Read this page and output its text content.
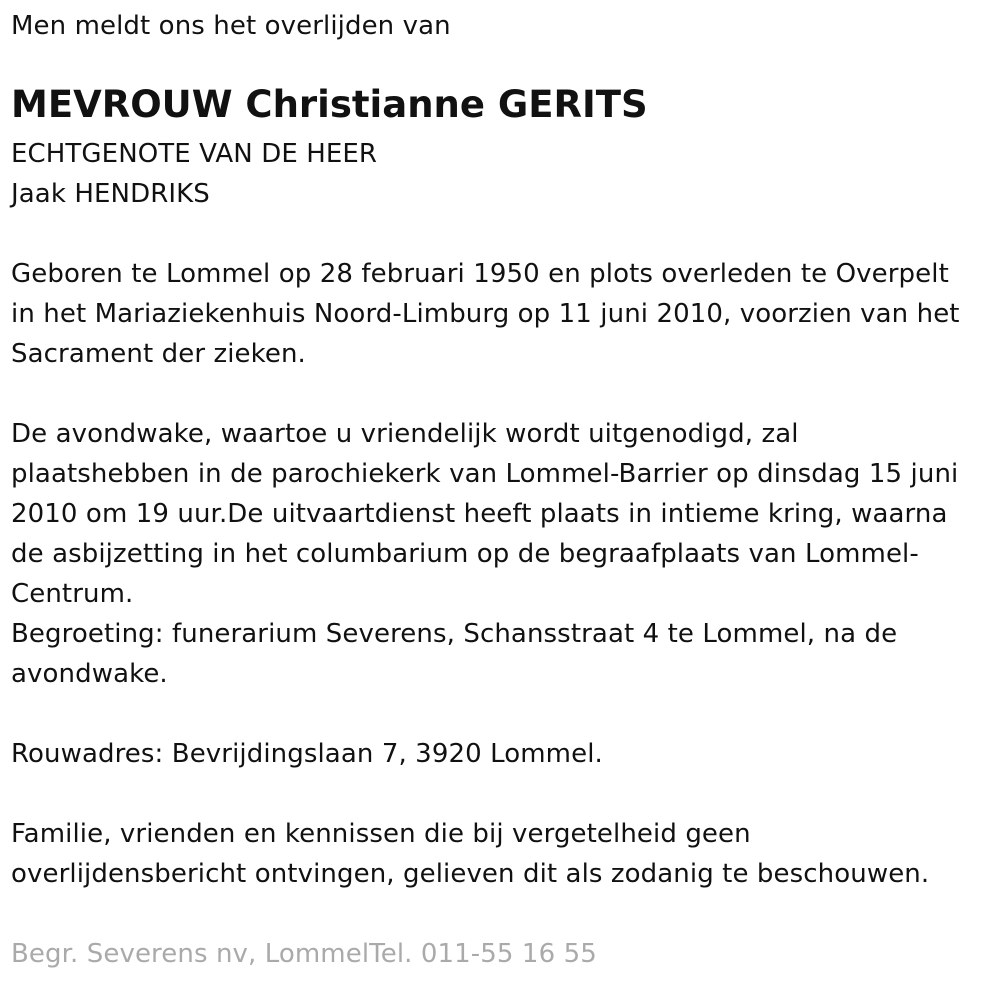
Men meldt ons het overlijden van
MEVROUW Christianne GERITS
ECHTGENOTE VAN DE HEER
Jaak HENDRIKS
Geboren te Lommel op 28 februari 1950 en plots overleden te Overpelt
in het Mariaziekenhuis Noord-Limburg op 11 juni 2010, voorzien van het
Sacrament der zieken.
De avondwake, waartoe u vriendelijk wordt uitgenodigd, zal
plaatshebben in de parochiekerk van Lommel-Barrier op dinsdag 15 juni
2010 om 19 uur.De uitvaartdienst heeft plaats in intieme kring, waarna
de asbijzetting in het columbarium op de begraafplaats van Lommel-
Centrum.
Begroeting: funerarium Severens, Schansstraat 4 te Lommel, na de
avondwake.
Rouwadres: Bevrijdingslaan 7, 3920 Lommel.
Familie, vrienden en kennissen die bij vergetelheid geen
overlijdensbericht ontvingen, gelieven dit als zodanig te beschouwen.
Begr. Severens nv, LommelTel. 011-55 16 55
